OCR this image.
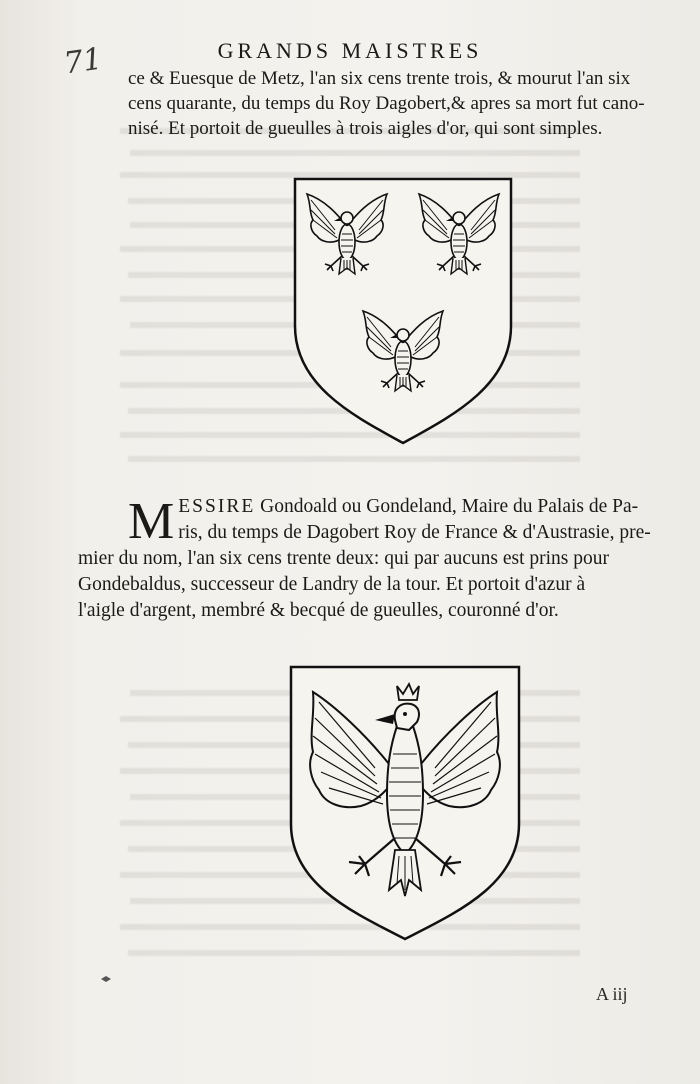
71	GRANDS MAISTRES
ce & Euesque de Metz, l'an six cens trente trois, & mourut l'an six
cens quarante, du temps du Roy Dagobert,& apres sa mort fut cano-
nisé. Et portoit de gueulles à trois aigles d'or, qui sont simples.
M ESSIRE Gondoald ou Gondeland, Maire du Palais de Pa-
ris, du temps de Dagobert Roy de France & d'Austrasie, pre-
mier du nom, l'an six cens trente deux: qui par aucuns est prins pour
Gondebaldus, successeur de Landry de la tour. Et portoit d'azur à
l'aigle d'argent, membré & becqué de gueulles, couronné d'or.
A iij
